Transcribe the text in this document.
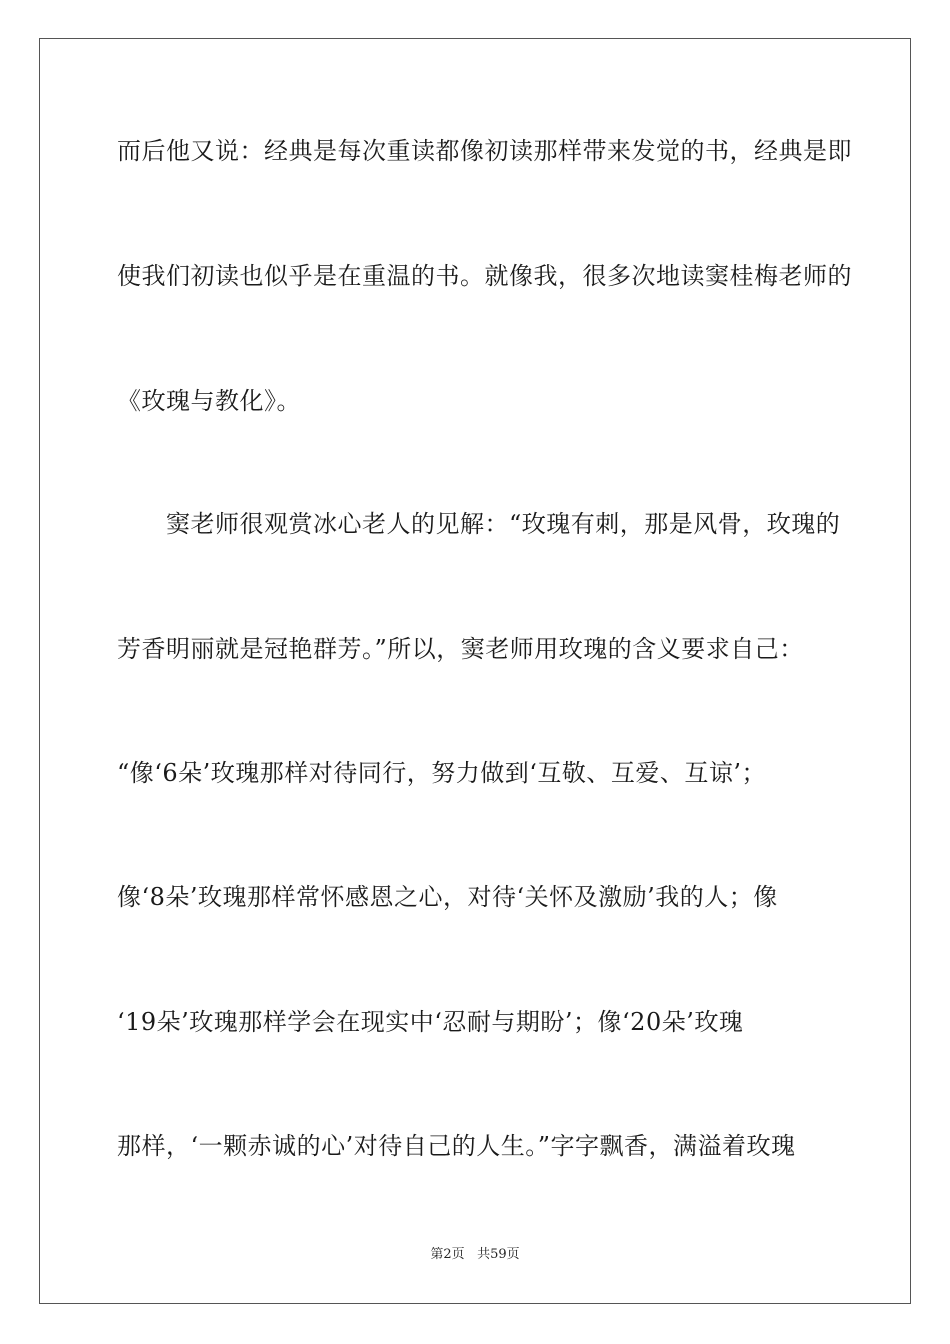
而后他又说：经典是每次重读都像初读那样带来发觉的书，经典是即
使我们初读也似乎是在重温的书。就像我，很多次地读窦桂梅老师的
《玫瑰与教化》。
　　窦老师很观赏冰心老人的见解：“玫瑰有刺，那是风骨，玫瑰的
芳香明丽就是冠艳群芳。”所以，窦老师用玫瑰的含义要求自己：
“像‘6朵’玫瑰那样对待同行，努力做到‘互敬、互爱、互谅’；
像‘8朵’玫瑰那样常怀感恩之心，对待‘关怀及激励’我的人；像
‘19朵’玫瑰那样学会在现实中‘忍耐与期盼’；像‘20朵’玫瑰
那样，‘一颗赤诚的心’对待自己的人生。”字字飘香，满溢着玫瑰
第2页 共59页
